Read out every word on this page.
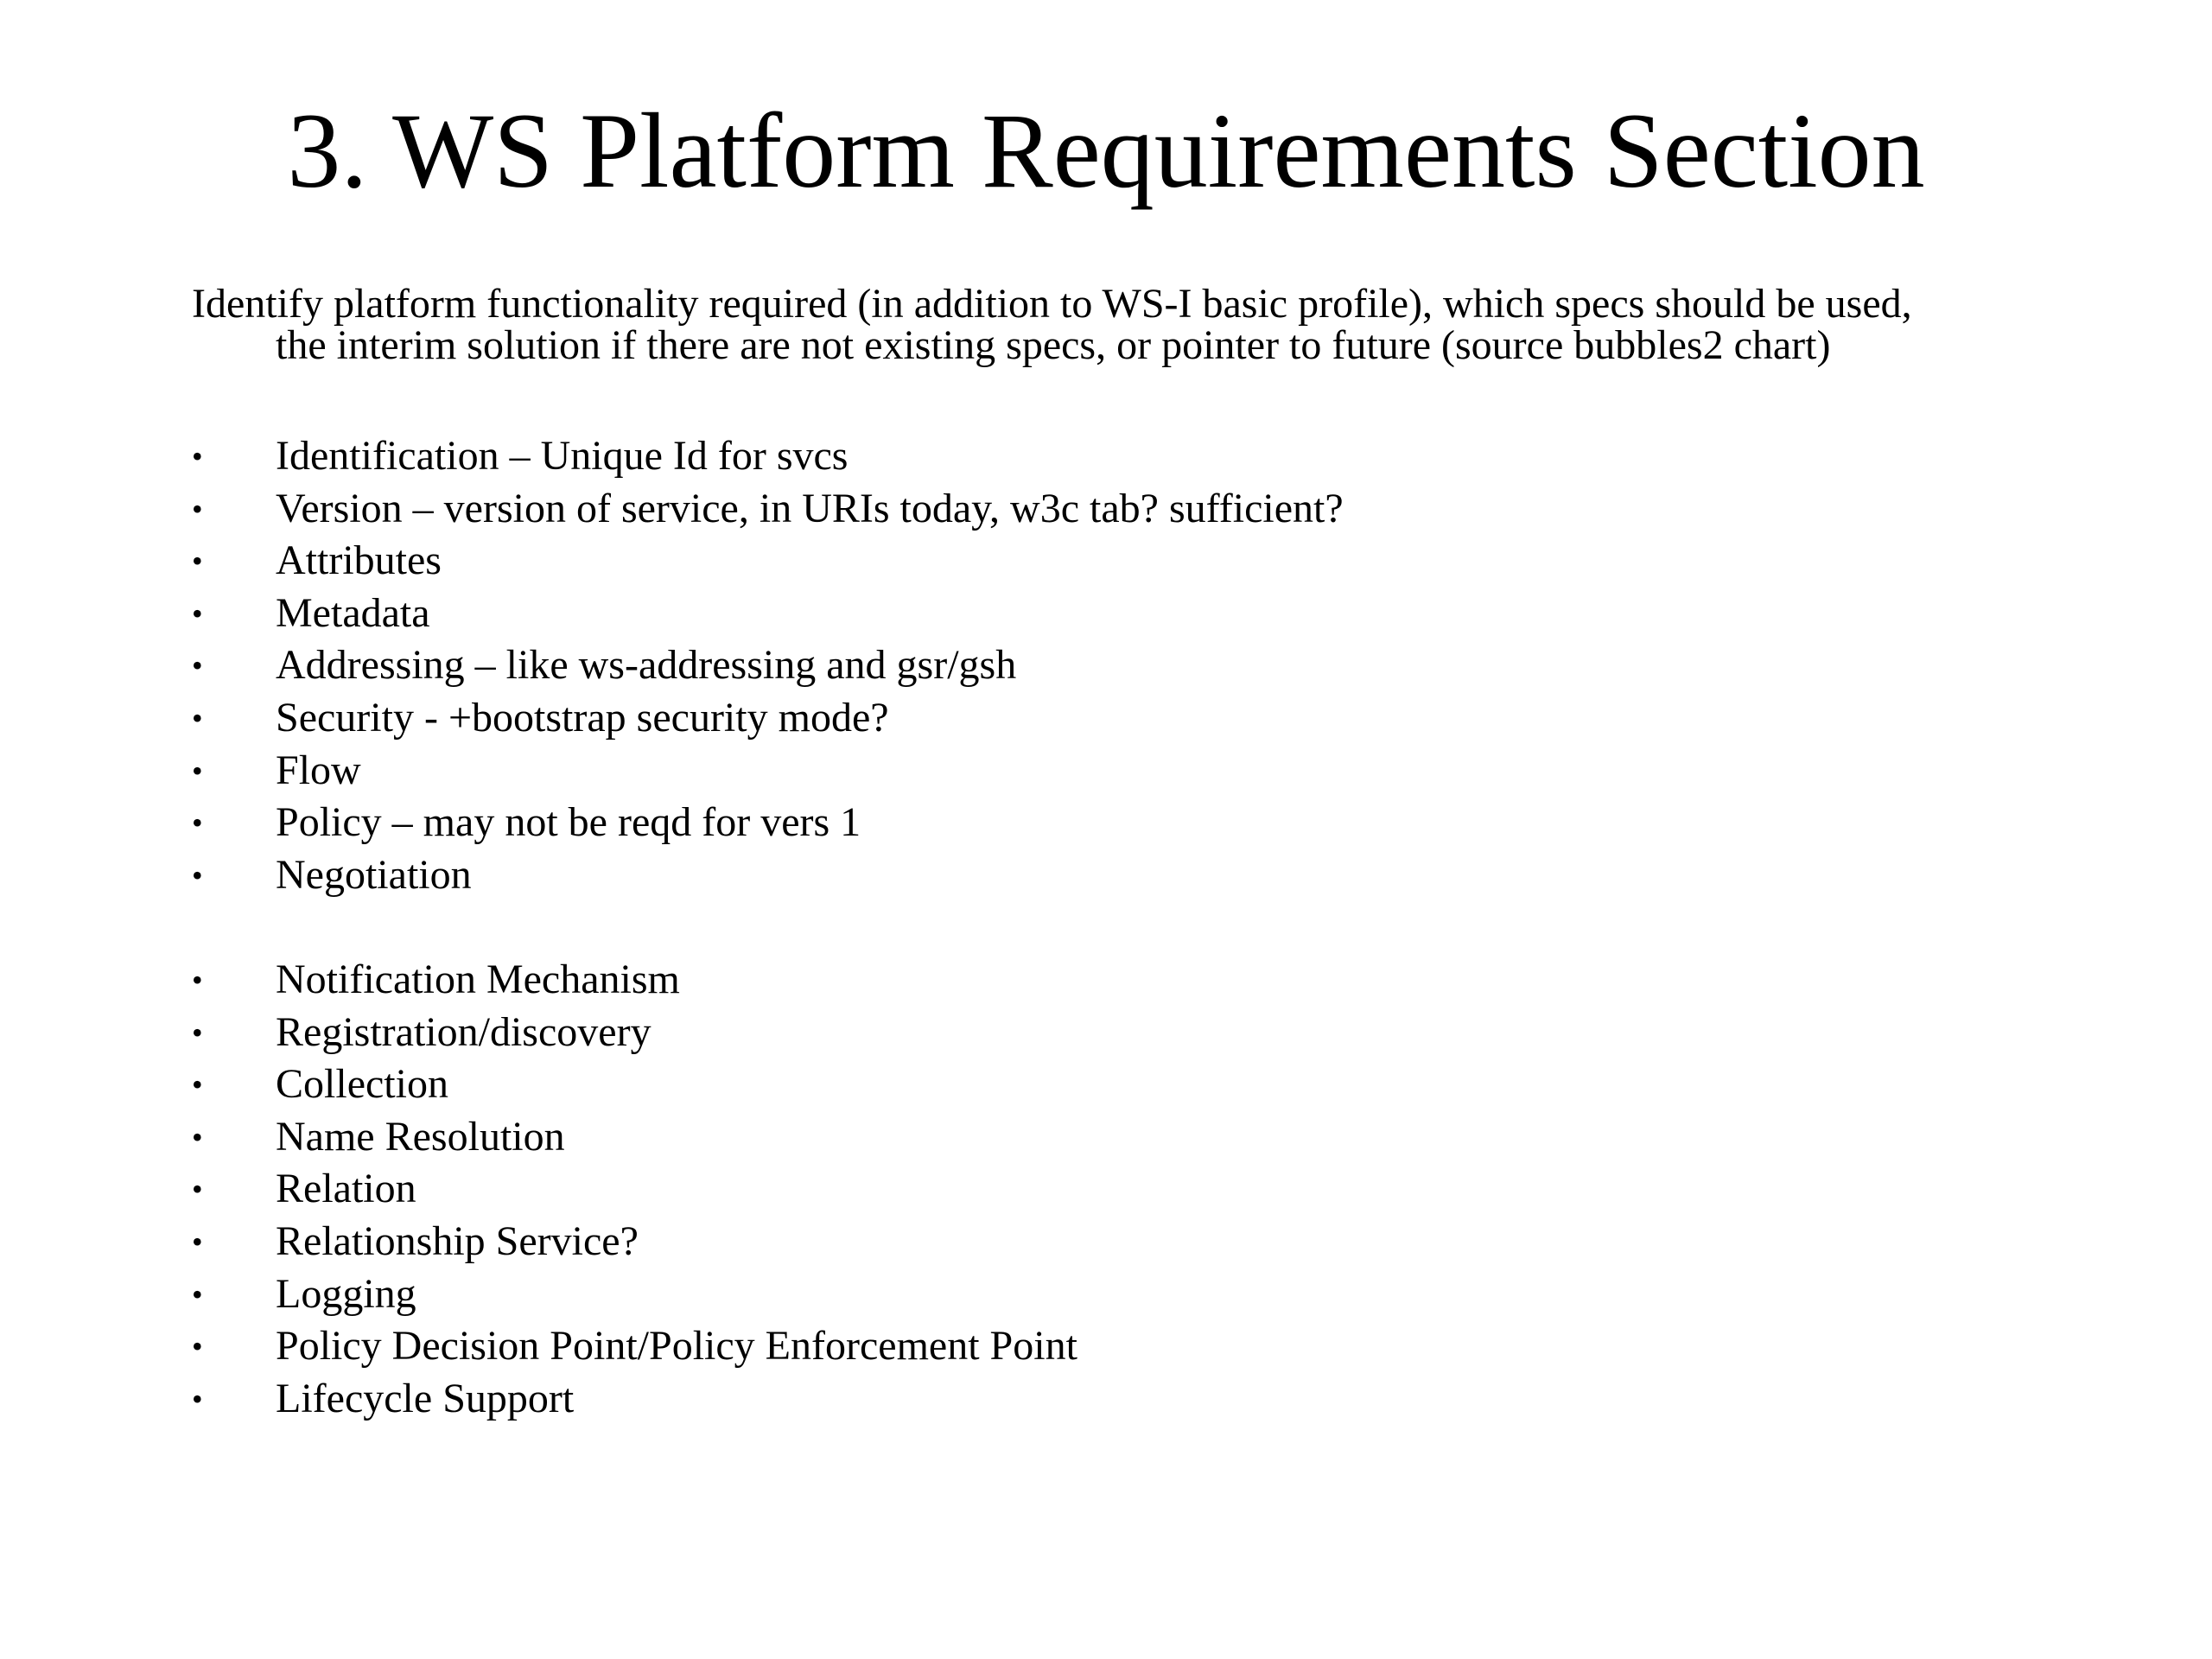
3. WS Platform Requirements Section
Identify platform functionality required (in addition to WS-I basic profile), which specs should be used,
the interim solution if there are not existing specs, or pointer to future (source bubbles2 chart)
• Identification – Unique Id for svcs
• Version – version of service, in URIs today, w3c tab? sufficient?
• Attributes
• Metadata
• Addressing – like ws-addressing and gsr/gsh
• Security - +bootstrap security mode?
• Flow
• Policy – may not be reqd for vers 1
• Negotiation
• Notification Mechanism
• Registration/discovery
• Collection
• Name Resolution
• Relation
• Relationship Service?
• Logging
• Policy Decision Point/Policy Enforcement Point
• Lifecycle Support
